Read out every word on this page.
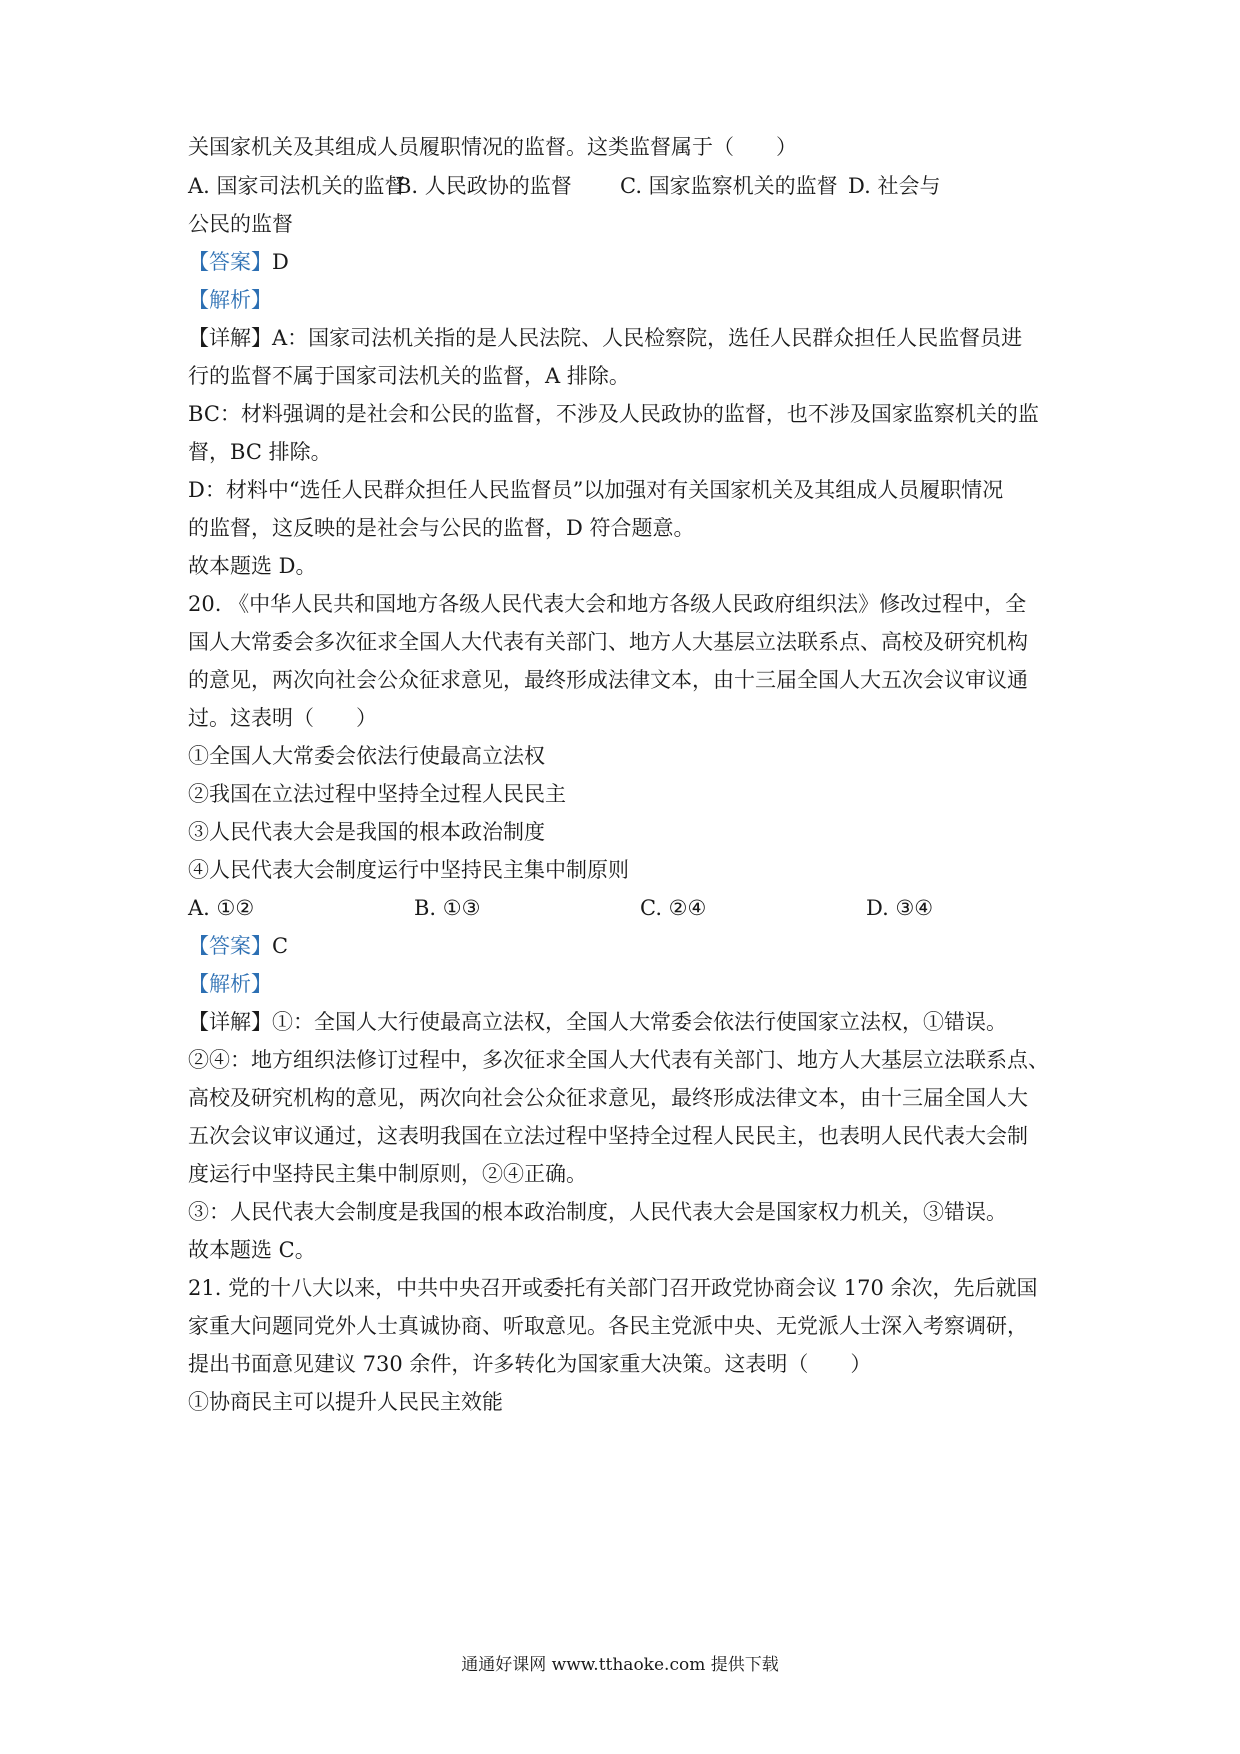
关国家机关及其组成人员履职情况的监督。这类监督属于（　　）
A. 国家司法机关的监督
B. 人民政协的监督 C. 国家监察机关的监督 D. 社会与
公民的监督
【答案】D
【解析】
【详解】A：国家司法机关指的是人民法院、人民检察院，选任人民群众担任人民监督员进
行的监督不属于国家司法机关的监督，A 排除。
BC：材料强调的是社会和公民的监督，不涉及人民政协的监督，也不涉及国家监察机关的监
督，BC 排除。
D：材料中“选任人民群众担任人民监督员”以加强对有关国家机关及其组成人员履职情况
的监督，这反映的是社会与公民的监督，D 符合题意。
故本题选 D。
20. 《中华人民共和国地方各级人民代表大会和地方各级人民政府组织法》修改过程中，全
国人大常委会多次征求全国人大代表有关部门、地方人大基层立法联系点、高校及研究机构
的意见，两次向社会公众征求意见，最终形成法律文本，由十三届全国人大五次会议审议通
过。这表明（　　）
①全国人大常委会依法行使最高立法权
②我国在立法过程中坚持全过程人民民主
③人民代表大会是我国的根本政治制度
④人民代表大会制度运行中坚持民主集中制原则
A. ①②	B. ①③	C. ②④	D. ③④
【答案】C
【解析】
【详解】①：全国人大行使最高立法权，全国人大常委会依法行使国家立法权，①错误。
②④：地方组织法修订过程中，多次征求全国人大代表有关部门、地方人大基层立法联系点、
高校及研究机构的意见，两次向社会公众征求意见，最终形成法律文本，由十三届全国人大
五次会议审议通过，这表明我国在立法过程中坚持全过程人民民主，也表明人民代表大会制
度运行中坚持民主集中制原则，②④正确。
③：人民代表大会制度是我国的根本政治制度，人民代表大会是国家权力机关，③错误。
故本题选 C。
21. 党的十八大以来，中共中央召开或委托有关部门召开政党协商会议 170 余次，先后就国
家重大问题同党外人士真诚协商、听取意见。各民主党派中央、无党派人士深入考察调研，
提出书面意见建议 730 余件，许多转化为国家重大决策。这表明（　　）
①协商民主可以提升人民民主效能
通通好课网 www.tthaoke.com 提供下载
